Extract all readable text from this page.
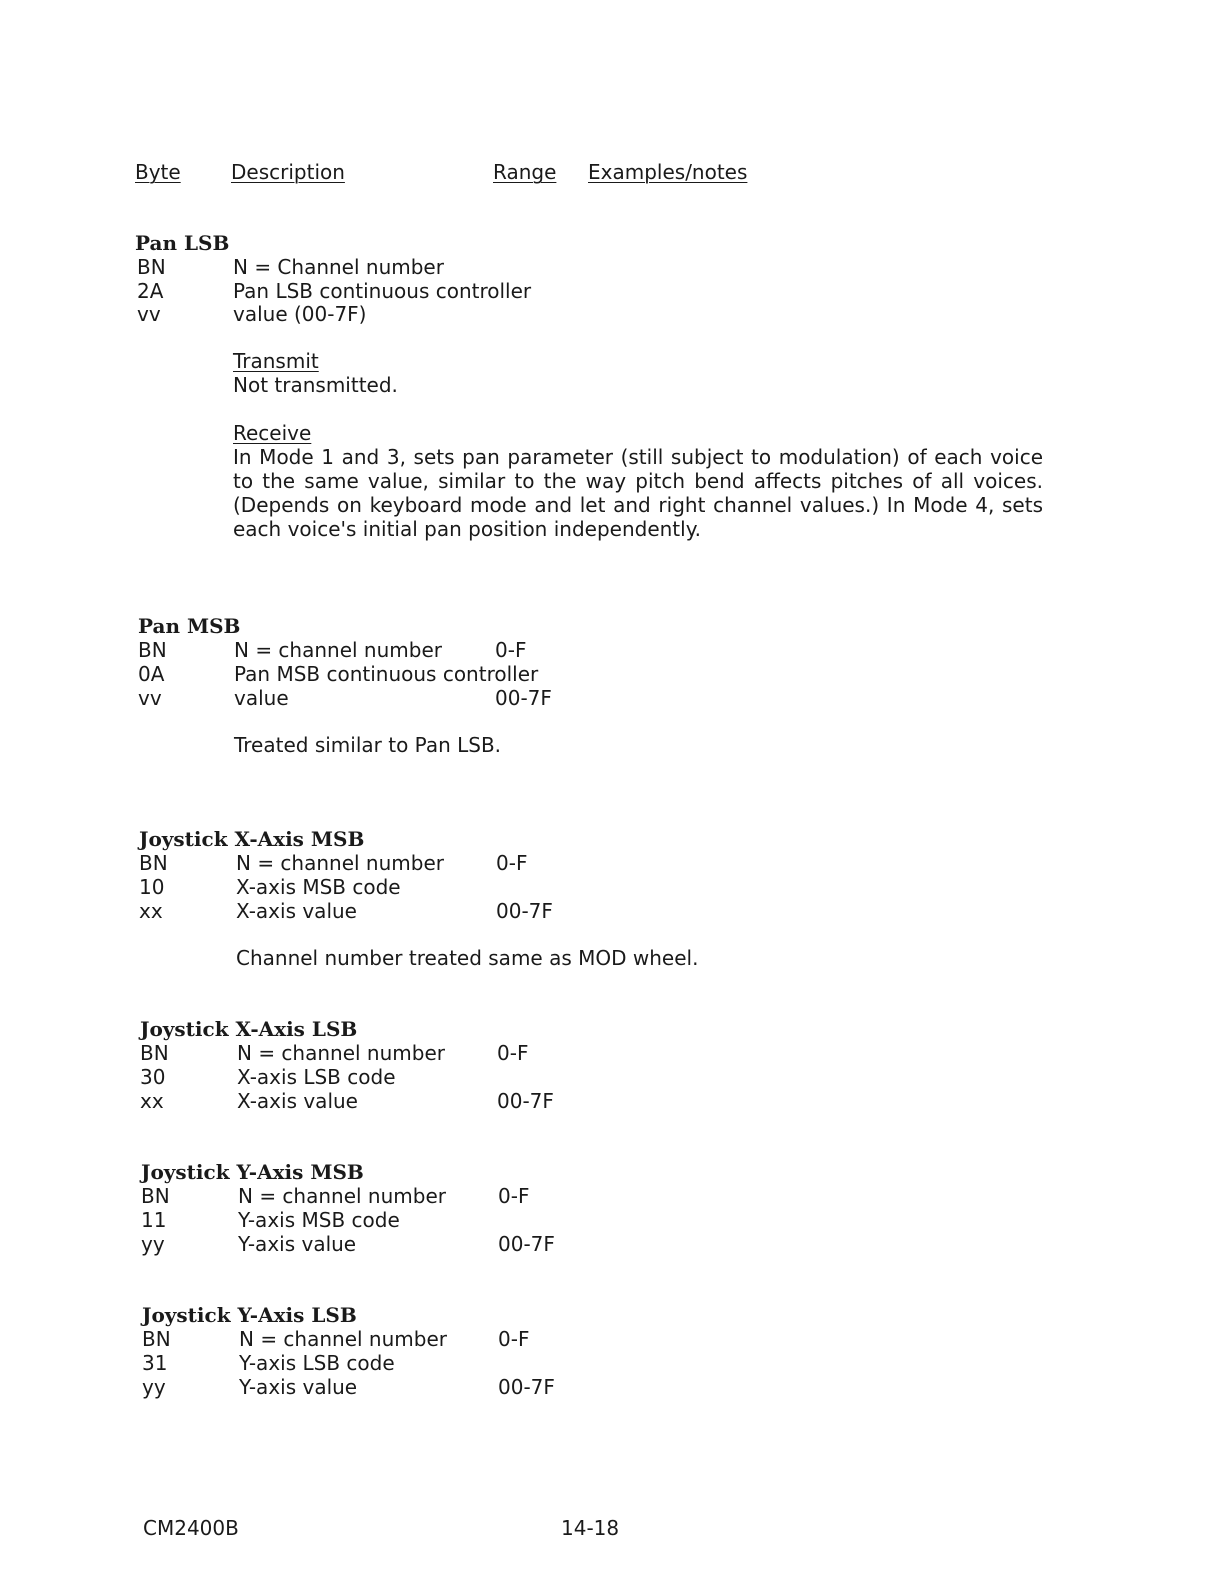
Byte	Description	Range Examples/notes
Pan LSB
BN	N = Channel number
2A	Pan LSB continuous controller
vv	value (00-7F)
Transmit
Not transmitted.
Receive
In Mode 1 and 3, sets pan parameter (still subject to modulation) of each voice to the same value, similar to the way pitch bend affects pitches of all voices. (Depends on keyboard mode and let and right channel values.) In Mode 4, sets each voice's initial pan position independently.
Pan MSB
BN	N = channel number	0-F
0A	Pan MSB continuous controller
vv	value	00-7F
Treated similar to Pan LSB.
Joystick X-Axis MSB
BN	N = channel number	0-F
10	X-axis MSB code
xx	X-axis value	00-7F
Channel number treated same as MOD wheel.
Joystick X-Axis LSB
BN	N = channel number	0-F
30	X-axis LSB code
xx	X-axis value	00-7F
Joystick Y-Axis MSB
BN	N = channel number	0-F
11	Y-axis MSB code
yy	Y-axis value	00-7F
Joystick Y-Axis LSB
BN	N = channel number	0-F
31	Y-axis LSB code
yy	Y-axis value	00-7F
CM2400B	14-18
